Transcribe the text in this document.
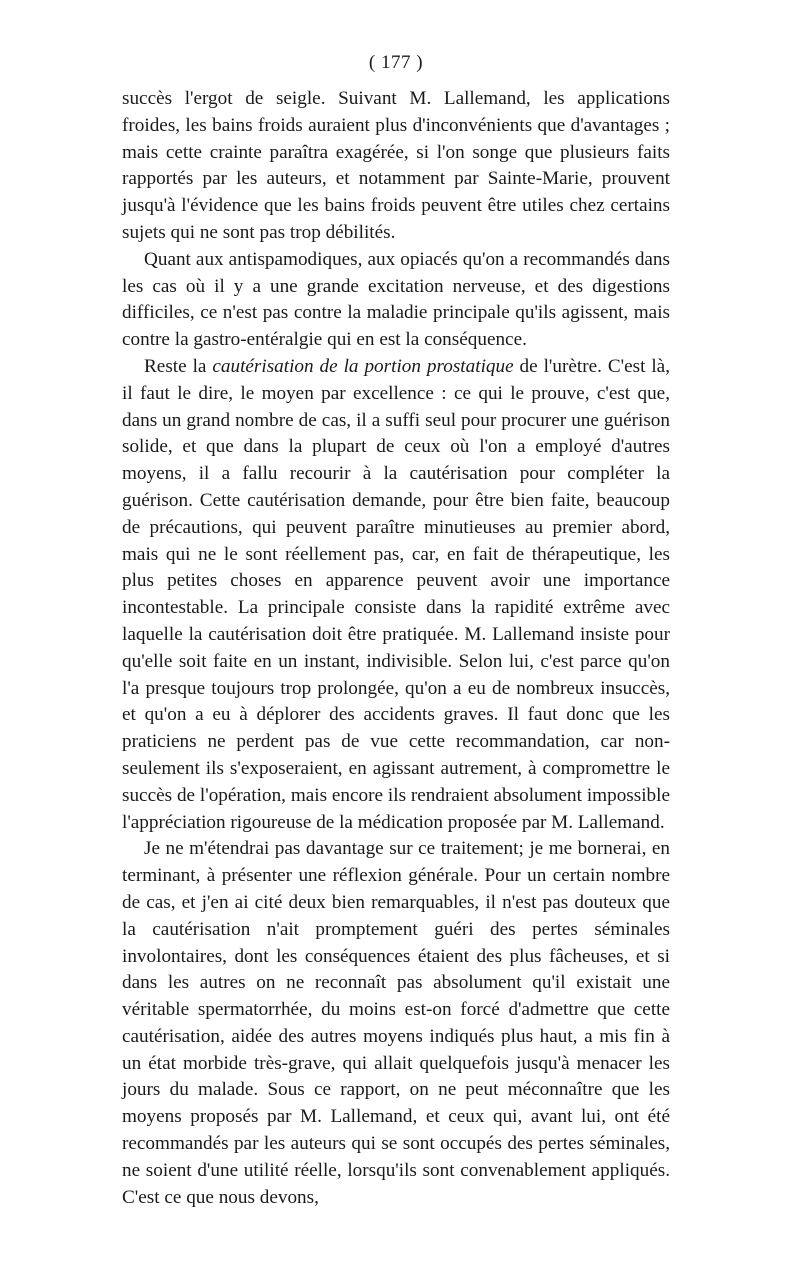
( 177 )

succès l'ergot de seigle. Suivant M. Lallemand, les applications froides, les bains froids auraient plus d'inconvénients que d'avantages ; mais cette crainte paraîtra exagérée, si l'on songe que plusieurs faits rapportés par les auteurs, et notamment par Sainte-Marie, prouvent jusqu'à l'évidence que les bains froids peuvent être utiles chez certains sujets qui ne sont pas trop débilités.

Quant aux antispamodiques, aux opiacés qu'on a recommandés dans les cas où il y a une grande excitation nerveuse, et des digestions difficiles, ce n'est pas contre la maladie principale qu'ils agissent, mais contre la gastro-entéralgie qui en est la conséquence.

Reste la cautérisation de la portion prostatique de l'urètre. C'est là, il faut le dire, le moyen par excellence : ce qui le prouve, c'est que, dans un grand nombre de cas, il a suffi seul pour procurer une guérison solide, et que dans la plupart de ceux où l'on a employé d'autres moyens, il a fallu recourir à la cautérisation pour compléter la guérison. Cette cautérisation demande, pour être bien faite, beaucoup de précautions, qui peuvent paraître minutieuses au premier abord, mais qui ne le sont réellement pas, car, en fait de thérapeutique, les plus petites choses en apparence peuvent avoir une importance incontestable. La principale consiste dans la rapidité extrême avec laquelle la cautérisation doit être pratiquée. M. Lallemand insiste pour qu'elle soit faite en un instant, indivisible. Selon lui, c'est parce qu'on l'a presque toujours trop prolongée, qu'on a eu de nombreux insuccès, et qu'on a eu à déplorer des accidents graves. Il faut donc que les praticiens ne perdent pas de vue cette recommandation, car non-seulement ils s'exposeraient, en agissant autrement, à compromettre le succès de l'opération, mais encore ils rendraient absolument impossible l'appréciation rigoureuse de la médication proposée par M. Lallemand.

Je ne m'étendrai pas davantage sur ce traitement; je me bornerai, en terminant, à présenter une réflexion générale. Pour un certain nombre de cas, et j'en ai cité deux bien remarquables, il n'est pas douteux que la cautérisation n'ait promptement guéri des pertes séminales involontaires, dont les conséquences étaient des plus fâcheuses, et si dans les autres on ne reconnaît pas absolument qu'il existait une véritable spermatorrhée, du moins est-on forcé d'admettre que cette cautérisation, aidée des autres moyens indiqués plus haut, a mis fin à un état morbide très-grave, qui allait quelquefois jusqu'à menacer les jours du malade. Sous ce rapport, on ne peut méconnaître que les moyens proposés par M. Lallemand, et ceux qui, avant lui, ont été recommandés par les auteurs qui se sont occupés des pertes séminales, ne soient d'une utilité réelle, lorsqu'ils sont convenablement appliqués. C'est ce que nous devons,
